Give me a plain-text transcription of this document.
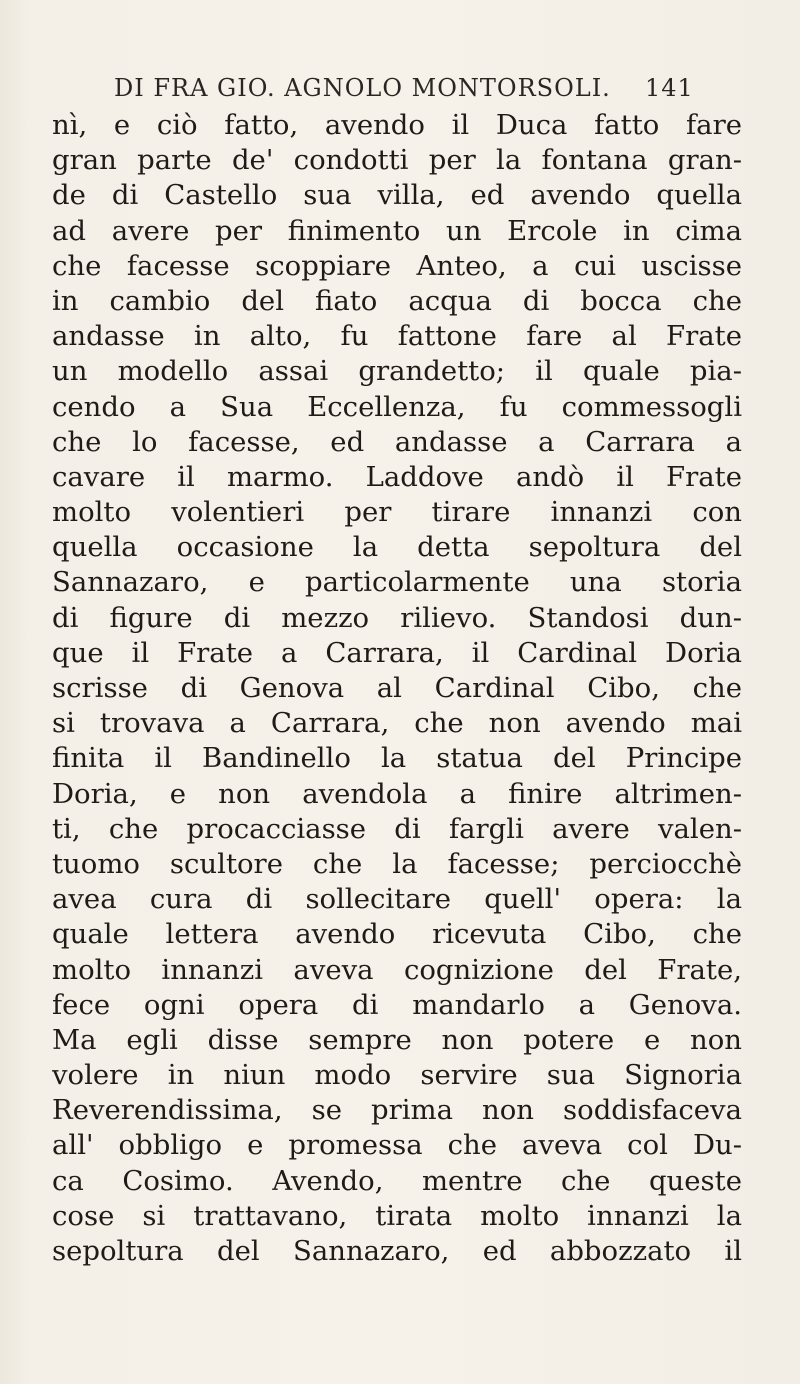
DI FRA GIO. AGNOLO MONTORSOLI. 141
nì, e ciò fatto, avendo il Duca fatto fare
gran parte de' condotti per la fontana gran-
de di Castello sua villa, ed avendo quella
ad avere per finimento un Ercole in cima
che facesse scoppiare Anteo, a cui uscisse
in cambio del fiato acqua di bocca che
andasse in alto, fu fattone fare al Frate
un modello assai grandetto; il quale pia-
cendo a Sua Eccellenza, fu commessogli
che lo facesse, ed andasse a Carrara a
cavare il marmo. Laddove andò il Frate
molto volentieri per tirare innanzi con
quella occasione la detta sepoltura del
Sannazaro, e particolarmente una storia
di figure di mezzo rilievo. Standosi dun-
que il Frate a Carrara, il Cardinal Doria
scrisse di Genova al Cardinal Cibo, che
si trovava a Carrara, che non avendo mai
finita il Bandinello la statua del Principe
Doria, e non avendola a finire altrimen-
ti, che procacciasse di fargli avere valen-
tuomo scultore che la facesse; perciocchè
avea cura di sollecitare quell' opera: la
quale lettera avendo ricevuta Cibo, che
molto innanzi aveva cognizione del Frate,
fece ogni opera di mandarlo a Genova.
Ma egli disse sempre non potere e non
volere in niun modo servire sua Signoria
Reverendissima, se prima non soddisfaceva
all' obbligo e promessa che aveva col Du-
ca Cosimo. Avendo, mentre che queste
cose si trattavano, tirata molto innanzi la
sepoltura del Sannazaro, ed abbozzato il
